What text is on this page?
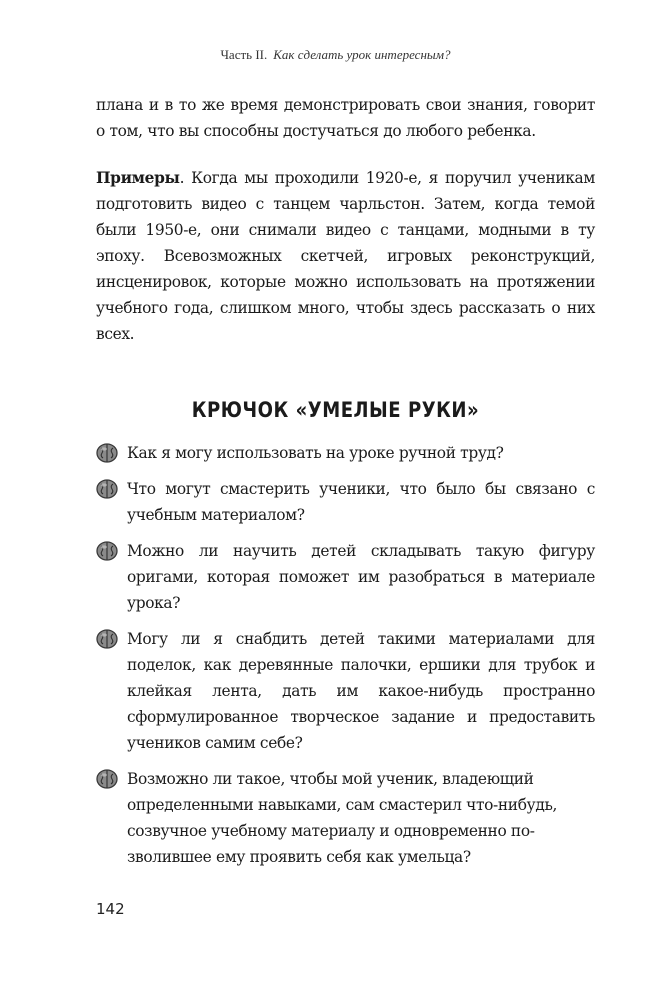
Часть II. Как сделать урок интересным?

плана и в то же время демонстрировать свои знания, говорит о том, что вы способны достучаться до любого ребенка.

Примеры. Когда мы проходили 1920-е, я поручил ученикам подготовить видео с танцем чарльстон. Затем, когда темой были 1950-е, они снимали видео с танцами, модными в ту эпоху. Всевозможных скетчей, игровых реконструкций, инсценировок, которые можно использовать на протяжении учебного года, слишком много, чтобы здесь рассказать о них всех.

КРЮЧОК «УМЕЛЫЕ РУКИ»
Как я могу использовать на уроке ручной труд?
Что могут смастерить ученики, что было бы связано с учебным материалом?
Можно ли научить детей складывать такую фигуру оригами, которая поможет им разобраться в материале урока?
Могу ли я снабдить детей такими материалами для поделок, как деревянные палочки, ершики для трубок и клейкая лента, дать им какое-нибудь пространно сформулированное творческое задание и предоставить учеников самим себе?
Возможно ли такое, чтобы мой ученик, владеющий определенными навыками, сам смастерил что-нибудь, созвучное учебному материалу и одновременно позволившее ему проявить себя как умельца?
142
